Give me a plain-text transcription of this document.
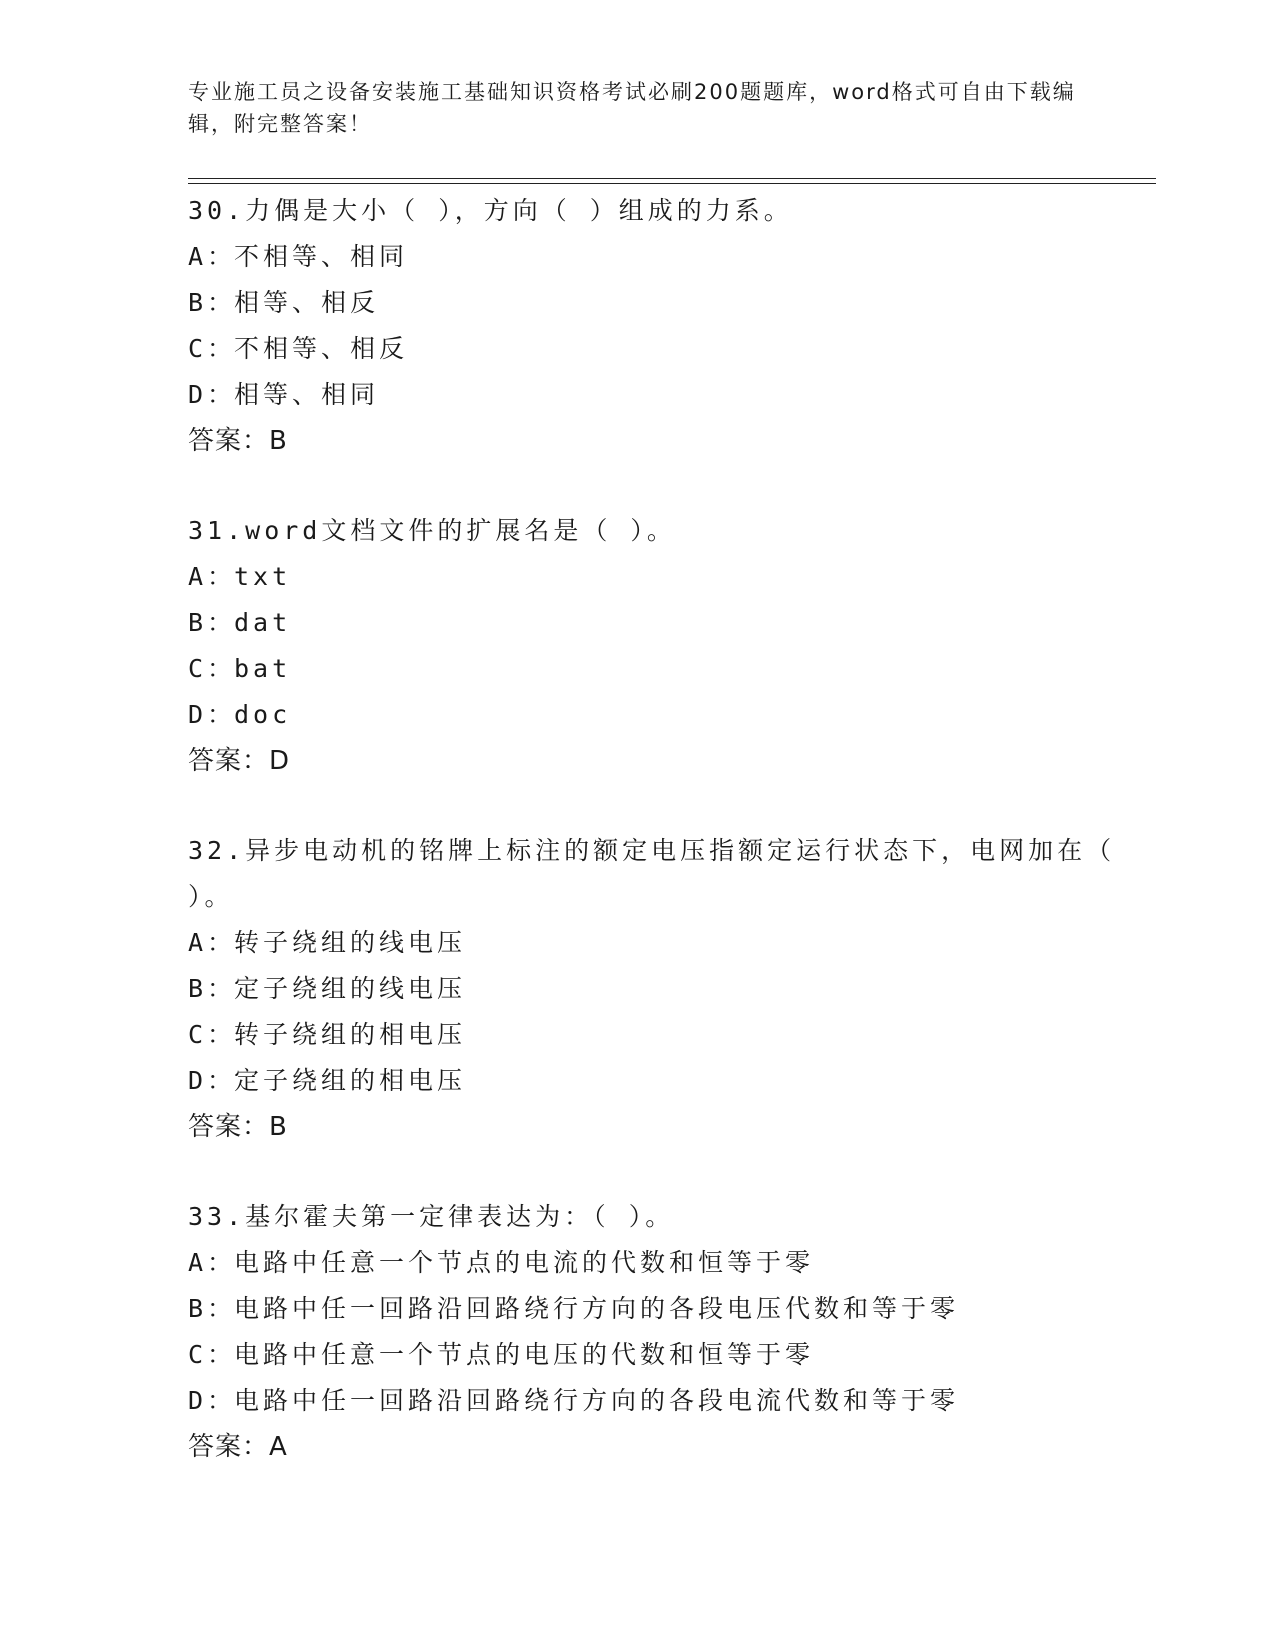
专业施工员之设备安装施工基础知识资格考试必刷200题题库，word格式可自由下载编辑，附完整答案！
30.力偶是大小（ ），方向（ ）组成的力系。
A：不相等、相同
B：相等、相反
C：不相等、相反
D：相等、相同
答案：B
31.word文档文件的扩展名是（ ）。
A：txt
B：dat
C：bat
D：doc
答案：D
32.异步电动机的铭牌上标注的额定电压指额定运行状态下，电网加在（ ）。
A：转子绕组的线电压
B：定子绕组的线电压
C：转子绕组的相电压
D：定子绕组的相电压
答案：B
33.基尔霍夫第一定律表达为：（ ）。
A：电路中任意一个节点的电流的代数和恒等于零
B：电路中任一回路沿回路绕行方向的各段电压代数和等于零
C：电路中任意一个节点的电压的代数和恒等于零
D：电路中任一回路沿回路绕行方向的各段电流代数和等于零
答案：A
